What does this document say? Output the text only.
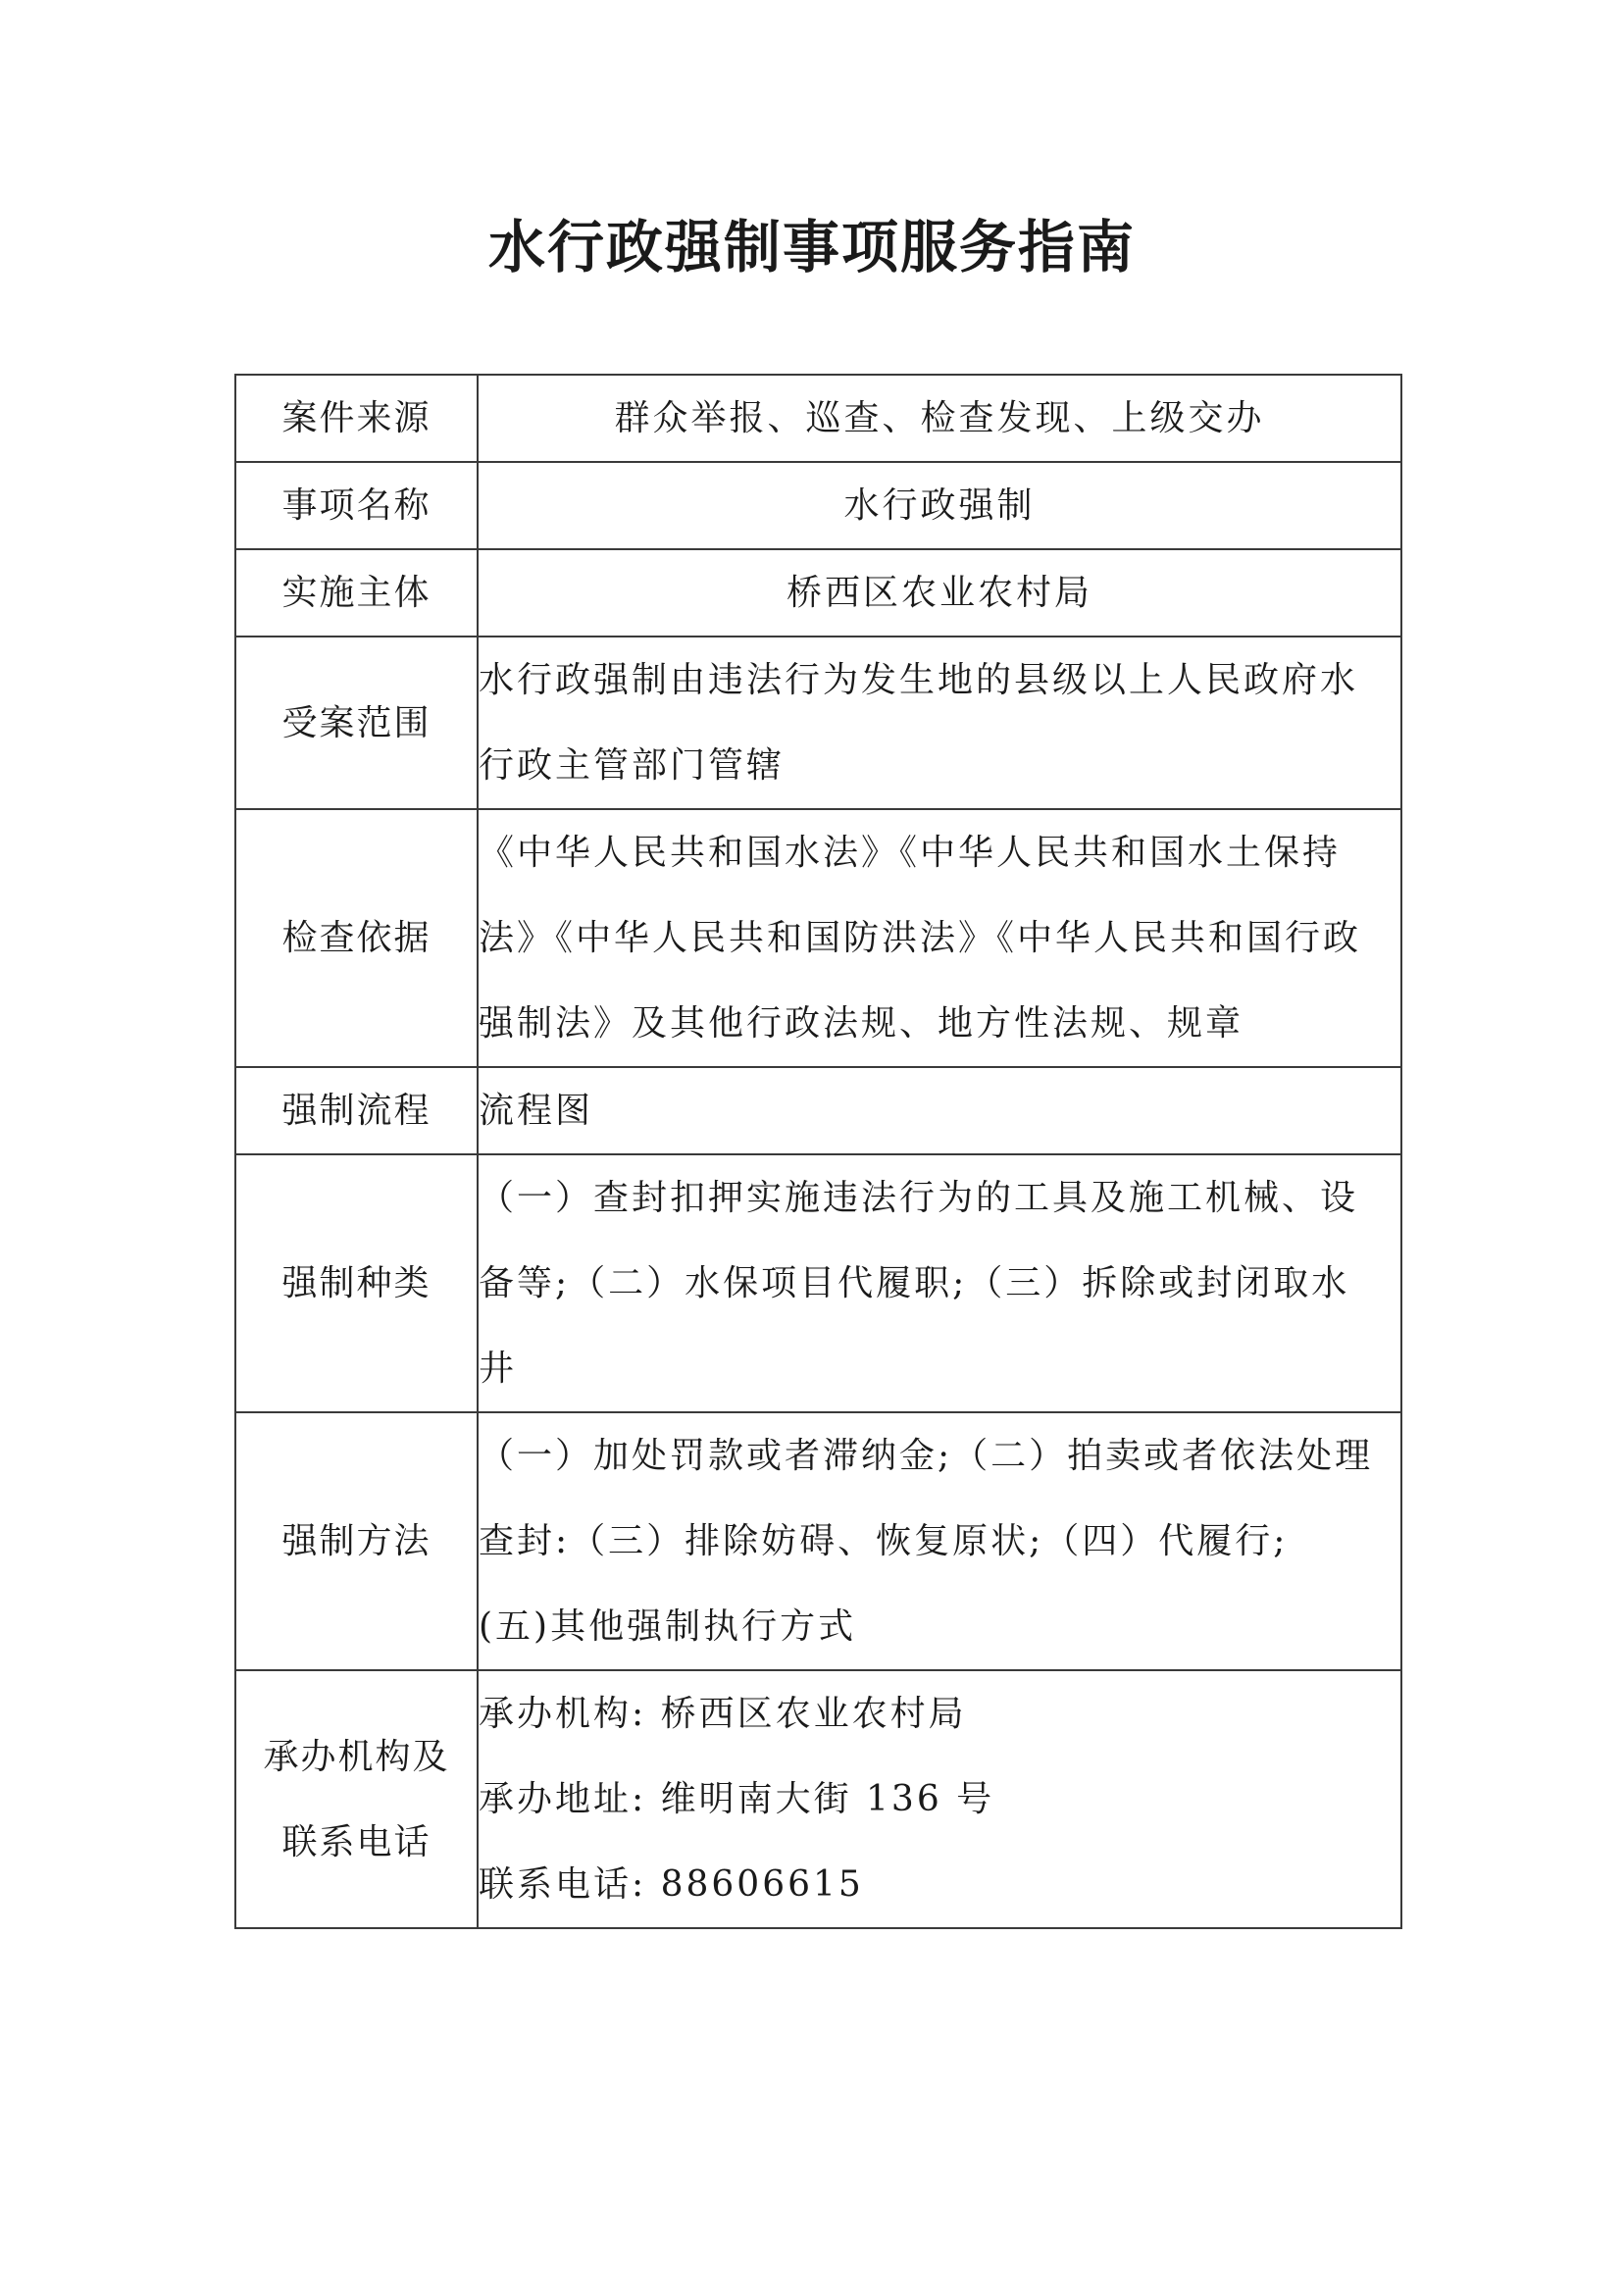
水行政强制事项服务指南
案件来源	群众举报、巡查、检查发现、上级交办

事项名称	水行政强制

实施主体	桥西区农业农村局

受案范围	水行政强制由违法行为发生地的县级以上人民政府水
行政主管部门管辖

检查依据	《中华人民共和国水法》《中华人民共和国水土保持
法》《中华人民共和国防洪法》《中华人民共和国行政
强制法》及其他行政法规、地方性法规、规章

强制流程	流程图

强制种类	（一）查封扣押实施违法行为的工具及施工机械、设
备等;（二）水保项目代履职;（三）拆除或封闭取水
井

强制方法	（一）加处罚款或者滞纳金;（二）拍卖或者依法处理
查封:（三）排除妨碍、恢复原状;（四）代履行;
(五)其他强制执行方式

承办机构及
联系电话	承办机构: 桥西区农业农村局
承办地址: 维明南大街 136 号
联系电话: 88606615
